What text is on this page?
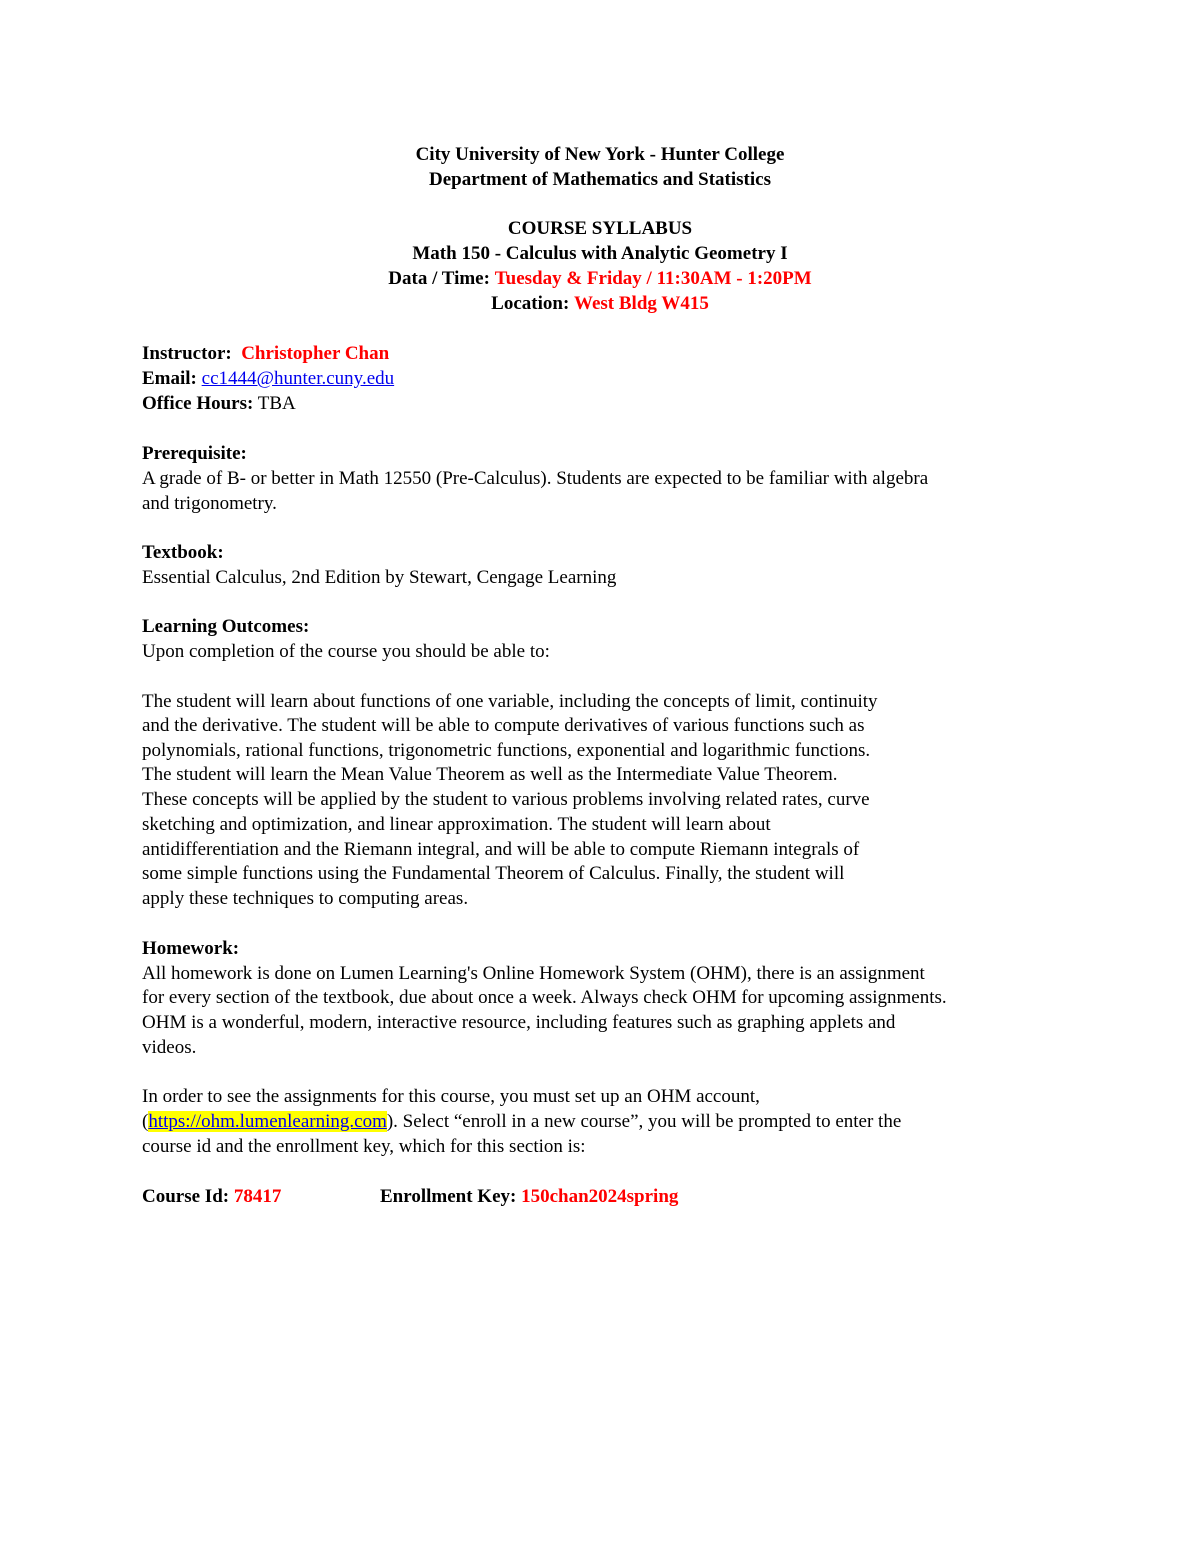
City University of New York - Hunter College
Department of Mathematics and Statistics
COURSE SYLLABUS
Math 150 - Calculus with Analytic Geometry I
Data / Time: Tuesday & Friday / 11:30AM - 1:20PM
Location: West Bldg W415
Instructor: Christopher Chan
Email: cc1444@hunter.cuny.edu
Office Hours: TBA
Prerequisite:
A grade of B- or better in Math 12550 (Pre-Calculus). Students are expected to be familiar with algebra
and trigonometry.
Textbook:
Essential Calculus, 2nd Edition by Stewart, Cengage Learning
Learning Outcomes:
Upon completion of the course you should be able to:
The student will learn about functions of one variable, including the concepts of limit, continuity
and the derivative. The student will be able to compute derivatives of various functions such as
polynomials, rational functions, trigonometric functions, exponential and logarithmic functions.
The student will learn the Mean Value Theorem as well as the Intermediate Value Theorem.
These concepts will be applied by the student to various problems involving related rates, curve
sketching and optimization, and linear approximation. The student will learn about
antidifferentiation and the Riemann integral, and will be able to compute Riemann integrals of
some simple functions using the Fundamental Theorem of Calculus. Finally, the student will
apply these techniques to computing areas.
Homework:
All homework is done on Lumen Learning's Online Homework System (OHM), there is an assignment
for every section of the textbook, due about once a week. Always check OHM for upcoming assignments.
OHM is a wonderful, modern, interactive resource, including features such as graphing applets and
videos.
In order to see the assignments for this course, you must set up an OHM account,
(https://ohm.lumenlearning.com). Select “enroll in a new course”, you will be prompted to enter the
course id and the enrollment key, which for this section is:
Course Id: 78417	Enrollment Key: 150chan2024spring
